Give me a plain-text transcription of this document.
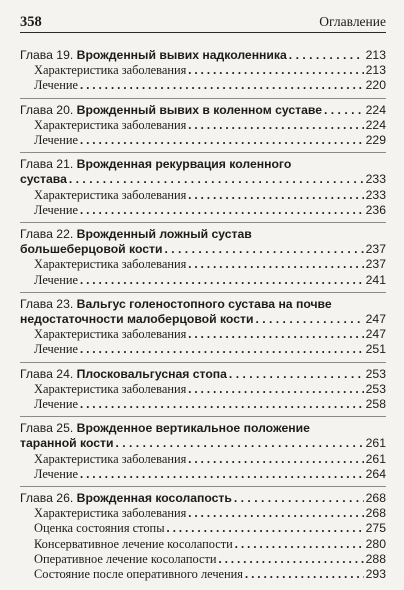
358	Оглавление
Глава 19.
Врожденный вывих надколенника . . .	213
Характеристика заболевания . . .	213
Лечение . . .	220
Глава 20.
Врожденный вывих в коленном суставе . . .	224
Характеристика заболевания . . .	224
Лечение . . .	229
Глава 21.
Врожденная рекурвация коленного
сустава . . .	233
Характеристика заболевания . . .	233
Лечение . . .	236
Глава 22.
Врожденный ложный сустав
большеберцовой кости . . .	237
Характеристика заболевания . . .	237
Лечение . . .	241
Глава 23.
Вальгус голеностопного сустава на почве
недостаточности малоберцовой кости . . .	247
Характеристика заболевания . . .	247
Лечение . . .	251
Глава 24.
Плосковальгусная стопа . . .	253
Характеристика заболевания . . .	253
Лечение . . .	258
Глава 25.
Врожденное вертикальное положение
таранной кости . . .	261
Характеристика заболевания . . .	261
Лечение . . .	264
Глава 26.
Врожденная косолапость . . .	268
Характеристика заболевания . . .	268
Оценка состояния стопы . . .	275
Консервативное лечение косолапости . . .	280
Оперативное лечение косолапости . . .	288
Состояние после оперативного лечения . . .	293
